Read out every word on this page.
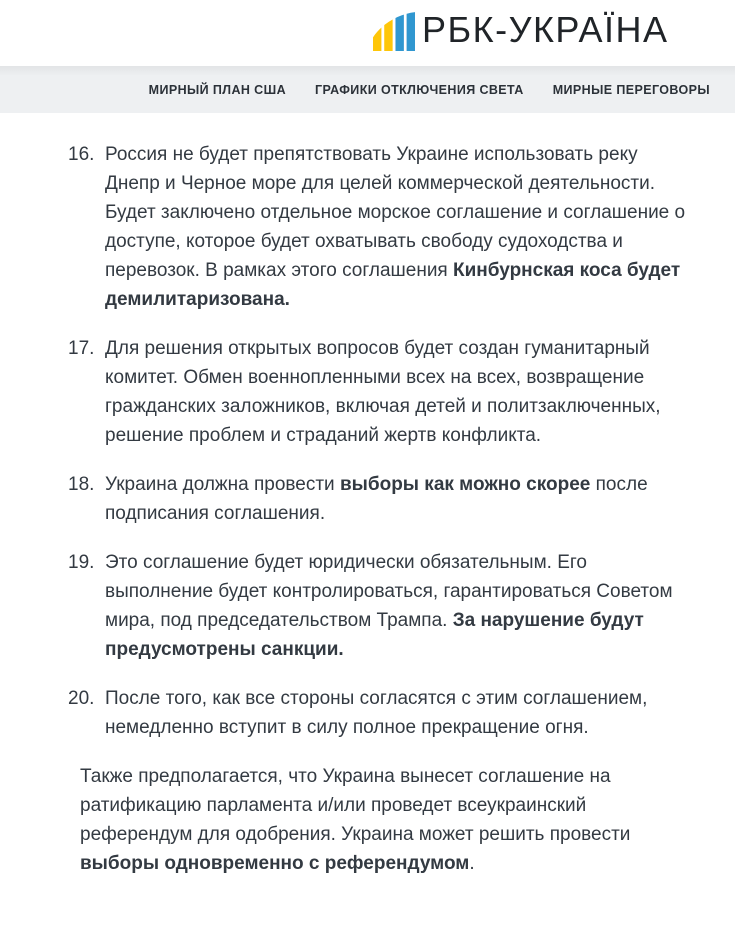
РБК-УКРАЇНА
МИРНЫЙ ПЛАН США ГРАФИКИ ОТКЛЮЧЕНИЯ СВЕТА МИРНЫЕ ПЕРЕГОВОРЫ
16. Россия не будет препятствовать Украине использовать реку Днепр и Черное море для целей коммерческой деятельности. Будет заключено отдельное морское соглашение и соглашение о доступе, которое будет охватывать свободу судоходства и перевозок. В рамках этого соглашения Кинбурнская коса будет демилитаризована.
17. Для решения открытых вопросов будет создан гуманитарный комитет. Обмен военнопленными всех на всех, возвращение гражданских заложников, включая детей и политзаключенных, решение проблем и страданий жертв конфликта.
18. Украина должна провести выборы как можно скорее после подписания соглашения.
19. Это соглашение будет юридически обязательным. Его выполнение будет контролироваться, гарантироваться Советом мира, под председательством Трампа. За нарушение будут предусмотрены санкции.
20. После того, как все стороны согласятся с этим соглашением, немедленно вступит в силу полное прекращение огня.

Также предполагается, что Украина вынесет соглашение на ратификацию парламента и/или проведет всеукраинский референдум для одобрения. Украина может решить провести выборы одновременно с референдумом.
